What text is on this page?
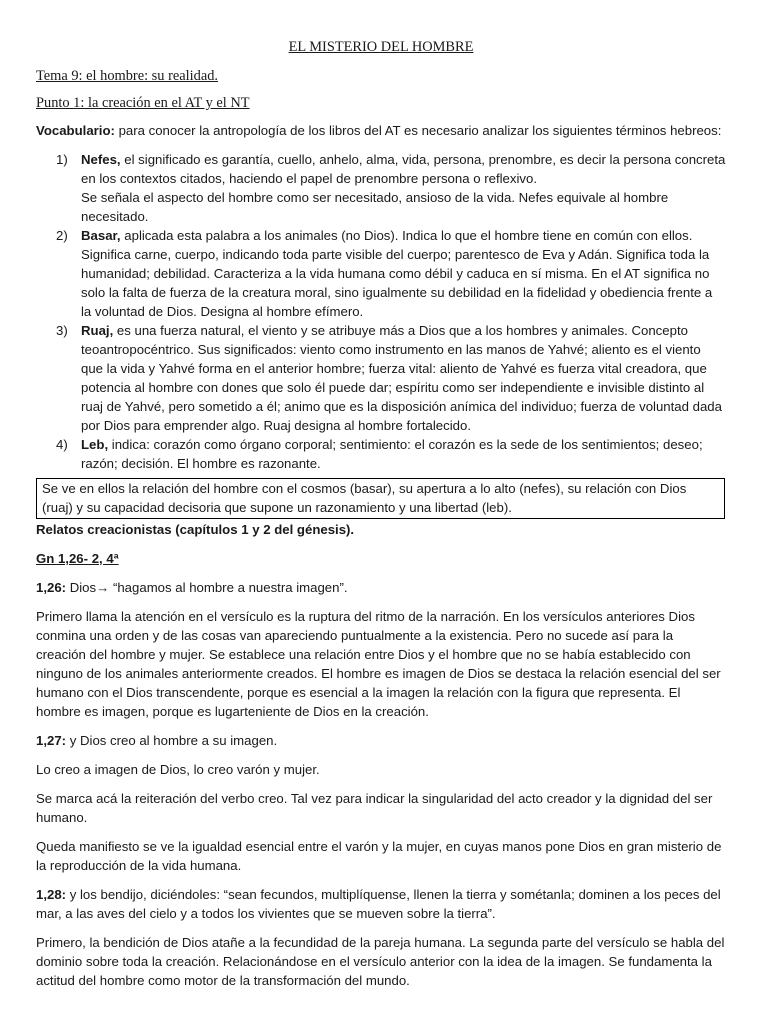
EL MISTERIO DEL HOMBRE
Tema 9: el hombre: su realidad.
Punto 1: la creación en el AT y el NT

Vocabulario: para conocer la antropología de los libros del AT es necesario analizar los siguientes términos hebreos:

1) Nefes, el significado es garantía, cuello, anhelo, alma, vida, persona, prenombre, es decir la persona concreta en los contextos citados, haciendo el papel de prenombre persona o reflexivo.
Se señala el aspecto del hombre como ser necesitado, ansioso de la vida. Nefes equivale al hombre necesitado.
2) Basar, aplicada esta palabra a los animales (no Dios). Indica lo que el hombre tiene en común con ellos. Significa carne, cuerpo, indicando toda parte visible del cuerpo; parentesco de Eva y Adán. Significa toda la humanidad; debilidad. Caracteriza a la vida humana como débil y caduca en sí misma. En el AT significa no solo la falta de fuerza de la creatura moral, sino igualmente su debilidad en la fidelidad y obediencia frente a la voluntad de Dios. Designa al hombre efímero.
3) Ruaj, es una fuerza natural, el viento y se atribuye más a Dios que a los hombres y animales. Concepto teoantropocéntrico. Sus significados: viento como instrumento en las manos de Yahvé; aliento es el viento que la vida y Yahvé forma en el anterior hombre; fuerza vital: aliento de Yahvé es fuerza vital creadora, que potencia al hombre con dones que solo él puede dar; espíritu como ser independiente e invisible distinto al ruaj de Yahvé, pero sometido a él; animo que es la disposición anímica del individuo; fuerza de voluntad dada por Dios para emprender algo. Ruaj designa al hombre fortalecido.
4) Leb, indica: corazón como órgano corporal; sentimiento: el corazón es la sede de los sentimientos; deseo; razón; decisión. El hombre es razonante.
Se ve en ellos la relación del hombre con el cosmos (basar), su apertura a lo alto (nefes), su relación con Dios (ruaj) y su capacidad decisoria que supone un razonamiento y una libertad (leb).

Relatos creacionistas (capítulos 1 y 2 del génesis).

Gn 1,26- 2, 4ª

1,26: Dios→ “hagamos al hombre a nuestra imagen”.

Primero llama la atención en el versículo es la ruptura del ritmo de la narración. En los versículos anteriores Dios conmina una orden y de las cosas van apareciendo puntualmente a la existencia. Pero no sucede así para la creación del hombre y mujer. Se establece una relación entre Dios y el hombre que no se había establecido con ninguno de los animales anteriormente creados. El hombre es imagen de Dios se destaca la relación esencial del ser humano con el Dios transcendente, porque es esencial a la imagen la relación con la figura que representa. El hombre es imagen, porque es lugarteniente de Dios en la creación.

1,27: y Dios creo al hombre a su imagen.

Lo creo a imagen de Dios, lo creo varón y mujer.

Se marca acá la reiteración del verbo creo. Tal vez para indicar la singularidad del acto creador y la dignidad del ser humano.

Queda manifiesto se ve la igualdad esencial entre el varón y la mujer, en cuyas manos pone Dios en gran misterio de la reproducción de la vida humana.

1,28: y los bendijo, diciéndoles: “sean fecundos, multiplíquense, llenen la tierra y sométanla; dominen a los peces del mar, a las aves del cielo y a todos los vivientes que se mueven sobre la tierra”.

Primero, la bendición de Dios atañe a la fecundidad de la pareja humana. La segunda parte del versículo se habla del dominio sobre toda la creación. Relacionándose en el versículo anterior con la idea de la imagen. Se fundamenta la actitud del hombre como motor de la transformación del mundo.
